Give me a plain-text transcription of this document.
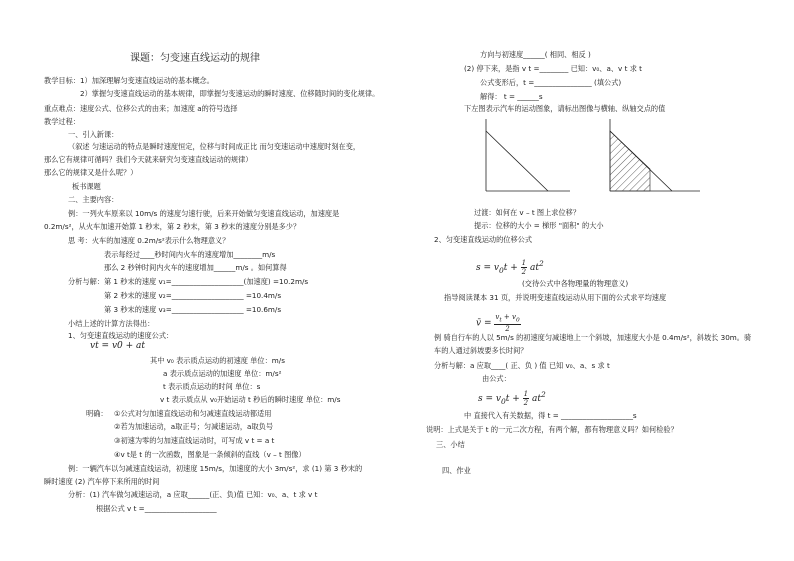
课题：匀变速直线运动的规律
教学目标：1）加深理解匀变速直线运动的基本概念。
2）掌握匀变速直线运动的基本规律，即掌握匀变速运动的瞬时速度、位移随时间的变化规律。
重点难点：速度公式、位移公式的由来；加速度 a的符号选择
教学过程：
一、引入新课：
（叙述 匀速运动的特点是瞬时速度恒定，位移与时间成正比 而匀变速运动中速度时刻在变，
那么它有规律可循吗？我们今天就来研究匀变速直线运动的规律）
那么它的规律又是什么呢？）
板书课题
二、主要内容：
例：一列火车原来以 10m/s 的速度匀速行驶，后来开始做匀变速直线运动，加速度是
0.2m/s²，从火车加速开始算 1 秒末，第 2 秒末，第 3 秒末的速度分别是多少？
思 考：火车的加速度 0.2m/s²表示什么物理意义？
表示每经过____秒时间内火车的速度增加________m/s
那么 2 秒钟时间内火车的速度增加______m/s 。如何算得
分析与解：第 1 秒末的速度 v₁=____________________(加速度) =10.2m/s
第 2 秒末的速度 v₂=____________________ =10.4m/s
第 3 秒末的速度 v₃=____________________ =10.6m/s
小结上述的计算方法得出：
1、匀变速直线运动的速度公式：
vt = v0 + at
其中 v₀ 表示质点运动的初速度 单位：m/s
a 表示质点运动的加速度 单位：m/s²
t 表示质点运动的时间 单位：s
v t 表示质点从 v₀开始运动 t 秒后的瞬时速度 单位：m/s
明确： ①公式对匀加速直线运动和匀减速直线运动都适用
②若为加速运动，a取正号；匀减速运动，a取负号
③初速为零的匀加速直线运动时，可写成 v t = a t
④v t是 t 的一次函数，图象是一条倾斜的直线（v – t 图像）
例：一辆汽车以匀减速直线运动，初速度 15m/s，加速度的大小 3m/s²，求 (1) 第 3 秒末的
瞬时速度 (2) 汽车停下来所用的时间
分析：(1) 汽车做匀减速运动，a 应取______(正、负)值 已知：v₀、a、t 求 v t
根据公式 v t =____________________
方向与初速度______( 相同、相反 )
(2) 停下来，是指 v t =________ 已知：v₀、a、v t 求 t
公式变形后，t =________________ (填公式)
解得： t = ______s
下左图表示汽车的运动图象，请标出图像与横轴、纵轴交点的值
过渡：如何在 v – t 图上求位移？
提示：位移的大小 = 梯形 "面积" 的大小
2、匀变速直线运动的位移公式
$s = v_0t + \frac{1}{2} at^2$
(交待公式中各物理量的物理意义)
指导阅读课本 31 页，并说明变速直线运动从用下面的公式求平均速度
v̄ = $\frac{v_t + v_0}{2}$
例 骑自行车的人以 5m/s 的初速度匀减速地上一个斜坡，加速度大小是 0.4m/s²，斜坡长 30m。骑
车的人通过斜坡要多长时间？
分析与解：a 应取____( 正、负 ) 值 已知 v₀、a、s 求 t
由公式：
$s = v_0t + \frac{1}{2} at^2$
中 直接代入有关数据，得 t = ____________________s
说明：上式是关于 t 的一元二次方程，有两个解，都有物理意义吗？如何检验？
三、小结
四、作业
